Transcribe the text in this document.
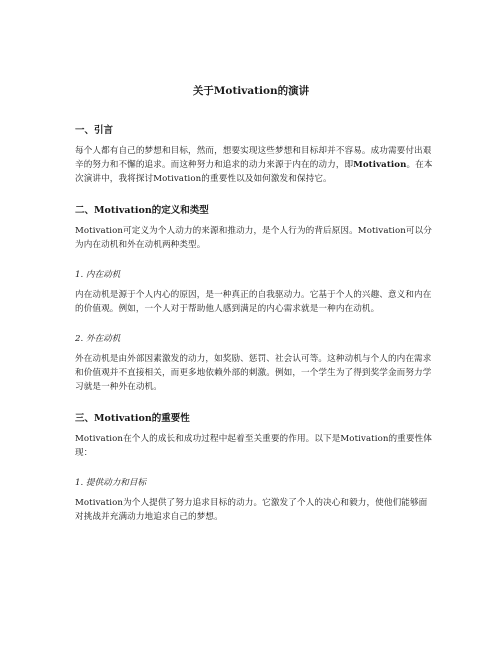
关于Motivation的演讲

一、引言

每个人都有自己的梦想和目标，然而，想要实现这些梦想和目标却并不容易。成功需要付出艰辛的努力和不懈的追求。而这种努力和追求的动力来源于内在的动力，即Motivation。在本次演讲中，我将探讨Motivation的重要性以及如何激发和保持它。

二、Motivation的定义和类型

Motivation可定义为个人动力的来源和推动力，是个人行为的背后原因。Motivation可以分为内在动机和外在动机两种类型。

1. 内在动机

内在动机是源于个人内心的原因，是一种真正的自我驱动力。它基于个人的兴趣、意义和内在的价值观。例如，一个人对于帮助他人感到满足的内心需求就是一种内在动机。

2. 外在动机

外在动机是由外部因素激发的动力，如奖励、惩罚、社会认可等。这种动机与个人的内在需求和价值观并不直接相关，而更多地依赖外部的刺激。例如，一个学生为了得到奖学金而努力学习就是一种外在动机。

三、Motivation的重要性

Motivation在个人的成长和成功过程中起着至关重要的作用。以下是Motivation的重要性体现：

1. 提供动力和目标

Motivation为个人提供了努力追求目标的动力。它激发了个人的决心和毅力，使他们能够面对挑战并充满动力地追求自己的梦想。
